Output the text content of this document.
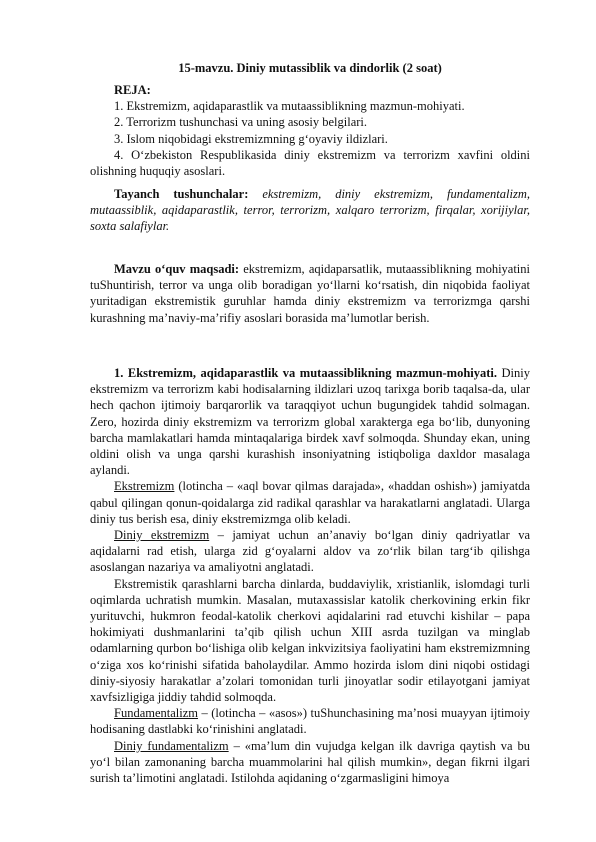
15-mavzu. Diniy mutassiblik va dindorlik (2 soat)

REJA:

1. Ekstremizm, aqidaparastlik va mutaassiblikning mazmun-mohiyati.

2. Terrorizm tushunchasi va uning asosiy belgilari.

3. Islom niqobidagi ekstremizmning g‘oyaviy ildizlari.

4. O‘zbekiston Respublikasida diniy ekstremizm va terrorizm xavfini oldini olishning huquqiy asoslari.

Tayanch tushunchalar: ekstremizm, diniy ekstremizm, fundamentalizm, mutaassiblik, aqidaparastlik, terror, terrorizm, xalqaro terrorizm, firqalar, xorijiylar, soxta salafiylar.

Mavzu o‘quv maqsadi: ekstremizm, aqidaparsatlik, mutaassiblikning mohiyatini tuShuntirish, terror va unga olib boradigan yo‘llarni ko‘rsatish, din niqobida faoliyat yuritadigan ekstremistik guruhlar hamda diniy ekstremizm va terrorizmga qarshi kurashning ma’naviy-ma’rifiy asoslari borasida ma’lumotlar berish.

1. Ekstremizm, aqidaparastlik va mutaassiblikning mazmun-mohiyati. Diniy ekstremizm va terrorizm kabi hodisalarning ildizlari uzoq tarixga borib taqalsa-da, ular hech qachon ijtimoiy barqarorlik va taraqqiyot uchun bugungidek tahdid solmagan. Zero, hozirda diniy ekstremizm va terrorizm global xarakterga ega bo‘lib, dunyoning barcha mamlakatlari hamda mintaqalariga birdek xavf solmoqda. Shunday ekan, uning oldini olish va unga qarshi kurashish insoniyatning istiqboliga daxldor masalaga aylandi.

Ekstremizm (lotincha – «aql bovar qilmas darajada», «haddan oshish») jamiyatda qabul qilingan qonun-qoidalarga zid radikal qarashlar va harakatlarni anglatadi. Ularga diniy tus berish esa, diniy ekstremizmga olib keladi.

Diniy ekstremizm – jamiyat uchun an’anaviy bo‘lgan diniy qadriyatlar va aqidalarni rad etish, ularga zid g‘oyalarni aldov va zo‘rlik bilan targ‘ib qilishga asoslangan nazariya va amaliyotni anglatadi.

Ekstremistik qarashlarni barcha dinlarda, buddaviylik, xristianlik, islomdagi turli oqimlarda uchratish mumkin. Masalan, mutaxassislar katolik cherkovining erkin fikr yurituvchi, hukmron feodal-katolik cherkovi aqidalarini rad etuvchi kishilar – papa hokimiyati dushmanlarini ta’qib qilish uchun XIII asrda tuzilgan va minglab odamlarning qurbon bo‘lishiga olib kelgan inkvizitsiya faoliyatini ham ekstremizmning o‘ziga xos ko‘rinishi sifatida baholaydilar. Ammo hozirda islom dini niqobi ostidagi diniy-siyosiy harakatlar a’zolari tomonidan turli jinoyatlar sodir etilayotgani jamiyat xavfsizligiga jiddiy tahdid solmoqda.

Fundamentalizm – (lotincha – «asos») tuShunchasining ma’nosi muayyan ijtimoiy hodisaning dastlabki ko‘rinishini anglatadi.

Diniy fundamentalizm – «ma’lum din vujudga kelgan ilk davriga qaytish va bu yo‘l bilan zamonaning barcha muammolarini hal qilish mumkin», degan fikrni ilgari surish ta’limotini anglatadi. Istilohda aqidaning o‘zgarmasligini himoya
